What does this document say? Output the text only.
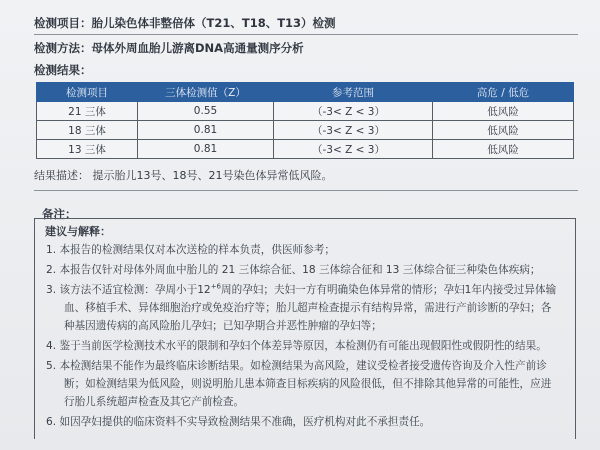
检测项目：胎儿染色体非整倍体（T21、T18、T13）检测
检测方法：母体外周血胎儿游离DNA高通量测序分析
检测结果：
检测项目	三体检测值（Z）	参考范围	高危 / 低危
21 三体	0.55	（-3< Z < 3）	低风险
18 三体	0.81	（-3< Z < 3）	低风险
13 三体	0.81	（-3< Z < 3）	低风险
结果描述： 提示胎儿13号、18号、21号染色体异常低风险。
备注：
建议与解释：
1. 本报告的检测结果仅对本次送检的样本负责，供医师参考；
2. 本报告仅针对母体外周血中胎儿的 21 三体综合征、18 三体综合征和 13 三体综合征三种染色体疾病；
3. 该方法不适宜检测：孕周小于$12^{+6}$周的孕妇；夫妇一方有明确染色体异常的情形；孕妇1年内接受过异体输
血、移植手术、异体细胞治疗或免疫治疗等；胎儿超声检查提示有结构异常，需进行产前诊断的孕妇；各
种基因遗传病的高风险胎儿孕妇；已知孕期合并恶性肿瘤的孕妇等；
4. 鉴于当前医学检测技术水平的限制和孕妇个体差异等原因，本检测仍有可能出现假阳性或假阴性的结果。
5. 本检测结果不能作为最终临床诊断结果。如检测结果为高风险，建议受检者接受遗传咨询及介入性产前诊
断；如检测结果为低风险，则说明胎儿患本筛查目标疾病的风险很低，但不排除其他异常的可能性，应进
行胎儿系统超声检查及其它产前检查。
6. 如因孕妇提供的临床资料不实导致检测结果不准确，医疗机构对此不承担责任。
